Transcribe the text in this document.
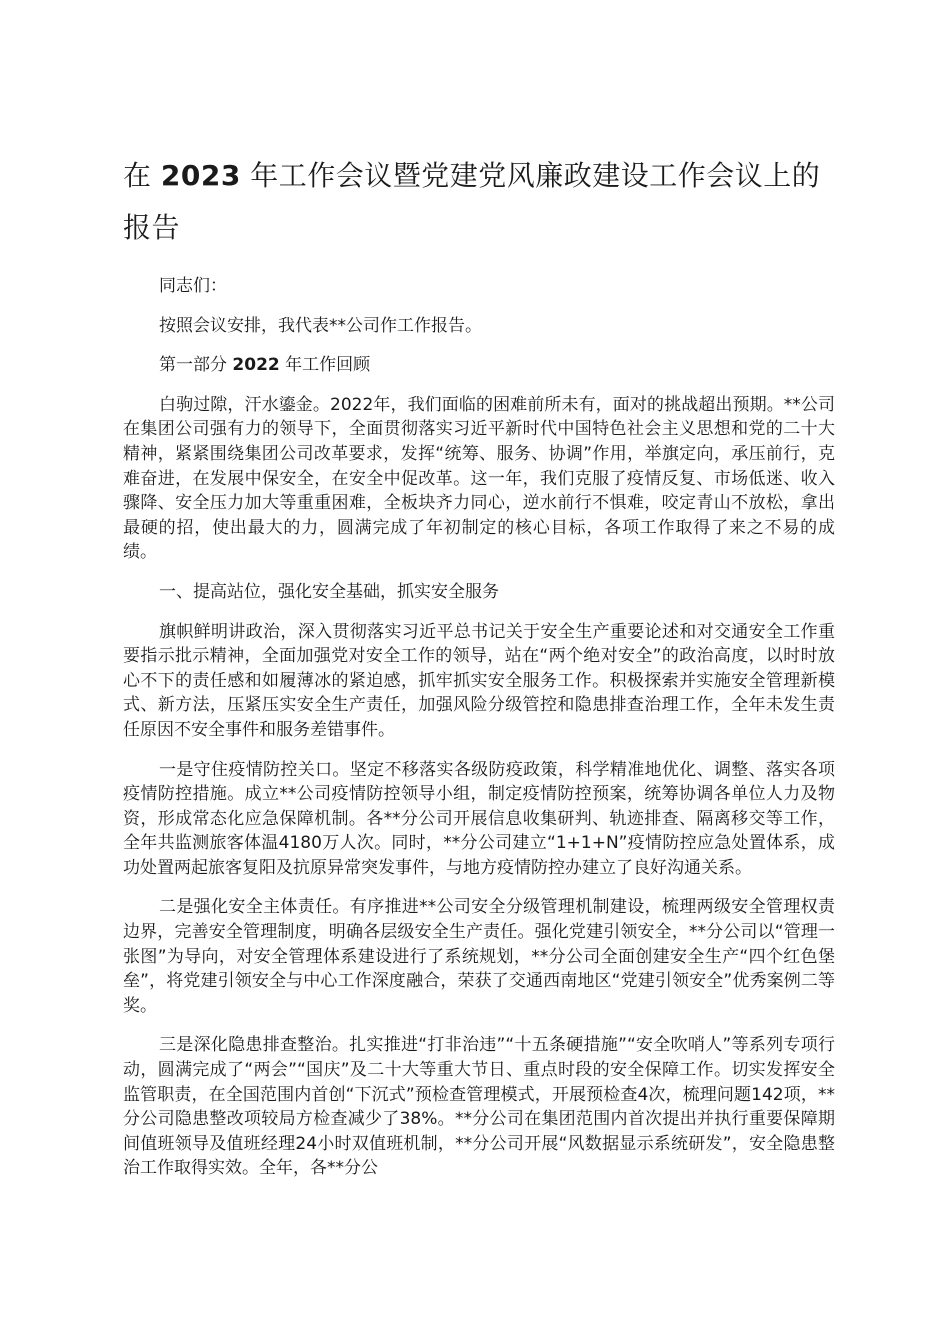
在 2023 年工作会议暨党建党风廉政建设工作会议上的报告

同志们：

按照会议安排，我代表**公司作工作报告。

第一部分 2022 年工作回顾

白驹过隙，汗水鎏金。2022年，我们面临的困难前所未有，面对的挑战超出预期。**公司在集团公司强有力的领导下，全面贯彻落实习近平新时代中国特色社会主义思想和党的二十大精神，紧紧围绕集团公司改革要求，发挥“统筹、服务、协调”作用，举旗定向，承压前行，克难奋进，在发展中保安全，在安全中促改革。这一年，我们克服了疫情反复、市场低迷、收入骤降、安全压力加大等重重困难，全板块齐力同心，逆水前行不惧难，咬定青山不放松，拿出最硬的招，使出最大的力，圆满完成了年初制定的核心目标，各项工作取得了来之不易的成绩。

一、提高站位，强化安全基础，抓实安全服务

旗帜鲜明讲政治，深入贯彻落实习近平总书记关于安全生产重要论述和对交通安全工作重要指示批示精神，全面加强党对安全工作的领导，站在“两个绝对安全”的政治高度，以时时放心不下的责任感和如履薄冰的紧迫感，抓牢抓实安全服务工作。积极探索并实施安全管理新模式、新方法，压紧压实安全生产责任，加强风险分级管控和隐患排查治理工作，全年未发生责任原因不安全事件和服务差错事件。

一是守住疫情防控关口。坚定不移落实各级防疫政策，科学精准地优化、调整、落实各项疫情防控措施。成立**公司疫情防控领导小组，制定疫情防控预案，统筹协调各单位人力及物资，形成常态化应急保障机制。各**分公司开展信息收集研判、轨迹排查、隔离移交等工作，全年共监测旅客体温4180万人次。同时，**分公司建立“1+1+N”疫情防控应急处置体系，成功处置两起旅客复阳及抗原异常突发事件，与地方疫情防控办建立了良好沟通关系。

二是强化安全主体责任。有序推进**公司安全分级管理机制建设，梳理两级安全管理权责边界，完善安全管理制度，明确各层级安全生产责任。强化党建引领安全，**分公司以“管理一张图”为导向，对安全管理体系建设进行了系统规划，**分公司全面创建安全生产“四个红色堡垒”，将党建引领安全与中心工作深度融合，荣获了交通西南地区“党建引领安全”优秀案例二等奖。

三是深化隐患排查整治。扎实推进“打非治违”“十五条硬措施”“安全吹哨人”等系列专项行动，圆满完成了“两会”“国庆”及二十大等重大节日、重点时段的安全保障工作。切实发挥安全监管职责，在全国范围内首创“下沉式”预检查管理模式，开展预检查4次，梳理问题142项，**分公司隐患整改项较局方检查减少了38%。**分公司在集团范围内首次提出并执行重要保障期间值班领导及值班经理24小时双值班机制，**分公司开展“风数据显示系统研发”，安全隐患整治工作取得实效。全年，各**分公
